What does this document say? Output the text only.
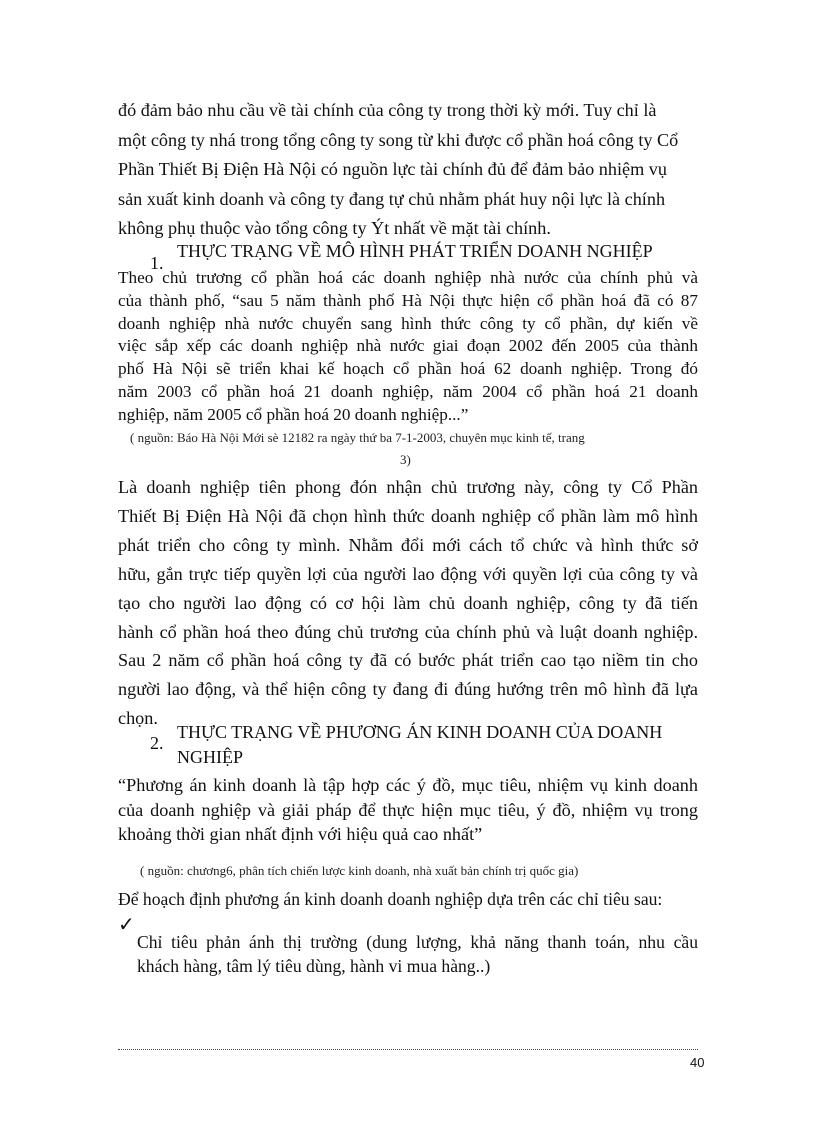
đó đảm bảo nhu cầu về tài chính của công ty trong thời kỳ mới. Tuy chỉ là
một công ty nhá trong tổng công ty song từ khi được cổ phần hoá công ty Cổ
Phần Thiết Bị Điện Hà Nội có nguồn lực tài chính đủ để đảm bảo nhiệm vụ
sản xuất kinh doanh và công ty đang tự chủ nhằm phát huy nội lực là chính
không phụ thuộc vào tổng công ty Ýt nhất về mặt tài chính.

1.
THỰC TRẠNG VỀ MÔ HÌNH PHÁT TRIỂN DOANH NGHIỆP

Theo chủ trương cổ phần hoá các doanh nghiệp nhà nước của chính phủ và
của thành phố, “sau 5 năm thành phố Hà Nội thực hiện cổ phần hoá đã có 87
doanh nghiệp nhà nước chuyển sang hình thức công ty cổ phần, dự kiến về
việc sắp xếp các doanh nghiệp nhà nước giai đoạn 2002 đến 2005 của thành
phố Hà Nội sẽ triển khai kế hoạch cổ phần hoá 62 doanh nghiệp. Trong đó
năm 2003 cổ phần hoá 21 doanh nghiệp, năm 2004 cổ phần hoá 21 doanh
nghiệp, năm 2005 cổ phần hoá 20 doanh nghiệp...”

( nguồn: Báo Hà Nội Mới sè 12182 ra ngày thứ ba 7-1-2003, chuyên mục kinh tế, trang
3)

Là doanh nghiệp tiên phong đón nhận chủ trương này, công ty Cổ Phần
Thiết Bị Điện Hà Nội đã chọn hình thức doanh nghiệp cổ phần làm mô hình
phát triển cho công ty mình. Nhằm đổi mới cách tổ chức và hình thức sở
hữu, gắn trực tiếp quyền lợi của người lao động với quyền lợi của công ty và
tạo cho người lao động có cơ hội làm chủ doanh nghiệp, công ty đã tiến
hành cổ phần hoá theo đúng chủ trương của chính phủ và luật doanh nghiệp.
Sau 2 năm cổ phần hoá công ty đã có bước phát triển cao tạo niềm tin cho
người lao động, và thể hiện công ty đang đi đúng hướng trên mô hình đã lựa
chọn.

2.
THỰC TRẠNG VỀ PHƯƠNG ÁN KINH DOANH CỦA DOANH
NGHIỆP

“Phương án kinh doanh là tập hợp các ý đồ, mục tiêu, nhiệm vụ kinh doanh
của doanh nghiệp và giải pháp để thực hiện mục tiêu, ý đồ, nhiệm vụ trong
khoảng thời gian nhất định với hiệu quả cao nhất”

( nguồn: chương6, phân tích chiến lược kinh doanh, nhà xuất bản chính trị quốc gia)

Để hoạch định phương án kinh doanh doanh nghiệp dựa trên các chỉ tiêu sau:

✓

Chỉ tiêu phản ánh thị trường (dung lượng, khả năng thanh toán, nhu cầu
khách hàng, tâm lý tiêu dùng, hành vi mua hàng..)

40
